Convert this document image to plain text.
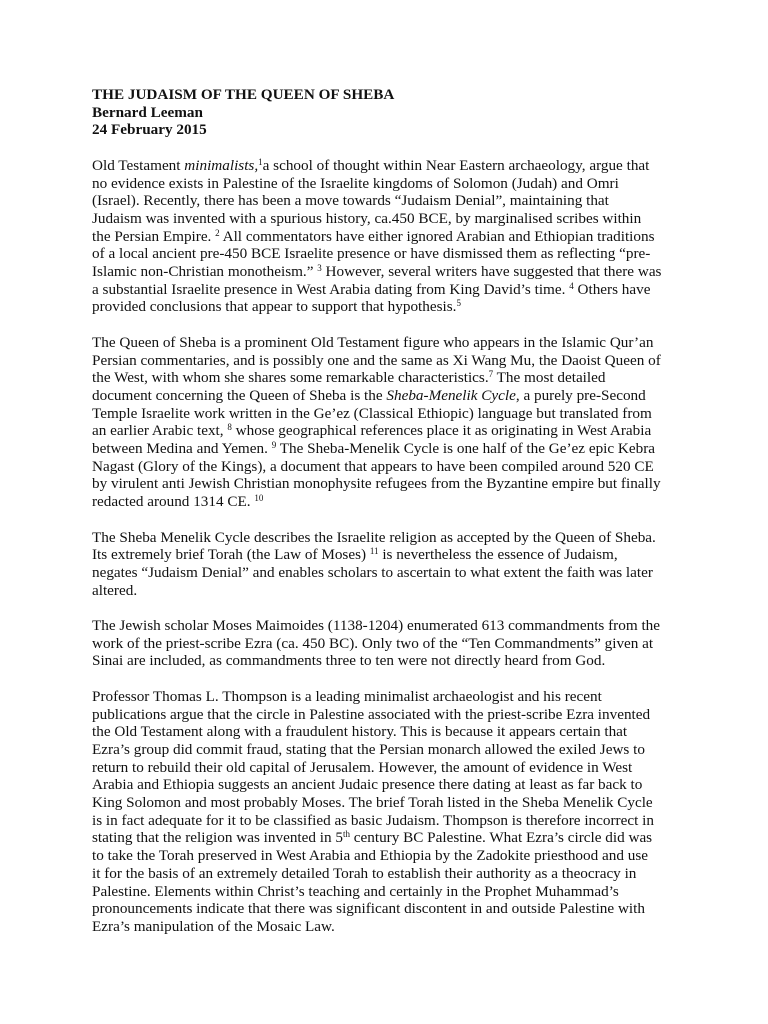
THE JUDAISM OF THE QUEEN OF SHEBA
Bernard Leeman
24 February 2015
Old Testament minimalists,$^1$a school of thought within Near Eastern archaeology, argue that
no evidence exists in Palestine of the Israelite kingdoms of Solomon (Judah) and Omri
(Israel). Recently, there has been a move towards “Judaism Denial”, maintaining that
Judaism was invented with a spurious history, ca.450 BCE, by marginalised scribes within
the Persian Empire. $^2$ All commentators have either ignored Arabian and Ethiopian traditions
of a local ancient pre-450 BCE Israelite presence or have dismissed them as reflecting “pre-
Islamic non-Christian monotheism.” $^3$ However, several writers have suggested that there was
a substantial Israelite presence in West Arabia dating from King David’s time. $^4$ Others have
provided conclusions that appear to support that hypothesis.$^5$
The Queen of Sheba is a prominent Old Testament figure who appears in the Islamic Qur’an
Persian commentaries, and is possibly one and the same as Xi Wang Mu, the Daoist Queen of
the West, with whom she shares some remarkable characteristics.$^7$ The most detailed
document concerning the Queen of Sheba is the Sheba-Menelik Cycle, a purely pre-Second
Temple Israelite work written in the Ge’ez (Classical Ethiopic) language but translated from
an earlier Arabic text, $^8$ whose geographical references place it as originating in West Arabia
between Medina and Yemen. $^9$ The Sheba-Menelik Cycle is one half of the Ge’ez epic Kebra
Nagast (Glory of the Kings), a document that appears to have been compiled around 520 CE
by virulent anti Jewish Christian monophysite refugees from the Byzantine empire but finally
redacted around 1314 CE. $^{10}$
The Sheba Menelik Cycle describes the Israelite religion as accepted by the Queen of Sheba.
Its extremely brief Torah (the Law of Moses) $^{11}$ is nevertheless the essence of Judaism,
negates “Judaism Denial” and enables scholars to ascertain to what extent the faith was later
altered.
The Jewish scholar Moses Maimoides (1138-1204) enumerated 613 commandments from the
work of the priest-scribe Ezra (ca. 450 BC). Only two of the “Ten Commandments” given at
Sinai are included, as commandments three to ten were not directly heard from God.
Professor Thomas L. Thompson is a leading minimalist archaeologist and his recent
publications argue that the circle in Palestine associated with the priest-scribe Ezra invented
the Old Testament along with a fraudulent history. This is because it appears certain that
Ezra’s group did commit fraud, stating that the Persian monarch allowed the exiled Jews to
return to rebuild their old capital of Jerusalem. However, the amount of evidence in West
Arabia and Ethiopia suggests an ancient Judaic presence there dating at least as far back to
King Solomon and most probably Moses. The brief Torah listed in the Sheba Menelik Cycle
is in fact adequate for it to be classified as basic Judaism. Thompson is therefore incorrect in
stating that the religion was invented in 5th century BC Palestine. What Ezra’s circle did was
to take the Torah preserved in West Arabia and Ethiopia by the Zadokite priesthood and use
it for the basis of an extremely detailed Torah to establish their authority as a theocracy in
Palestine. Elements within Christ’s teaching and certainly in the Prophet Muhammad’s
pronouncements indicate that there was significant discontent in and outside Palestine with
Ezra’s manipulation of the Mosaic Law.
